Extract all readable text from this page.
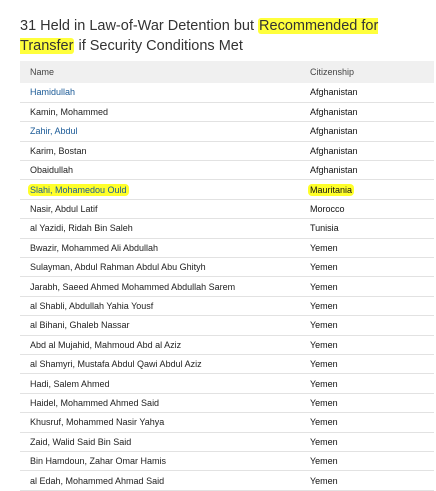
31 Held in Law-of-War Detention but Recommended for Transfer if Security Conditions Met
Name	Citizenship
Hamidullah	Afghanistan
Kamin, Mohammed	Afghanistan
Zahir, Abdul	Afghanistan
Karim, Bostan	Afghanistan
Obaidullah	Afghanistan
Slahi, Mohamedou Ould	Mauritania
Nasir, Abdul Latif	Morocco
al Yazidi, Ridah Bin Saleh	Tunisia
Bwazir, Mohammed Ali Abdullah	Yemen
Sulayman, Abdul Rahman Abdul Abu Ghityh	Yemen
Jarabh, Saeed Ahmed Mohammed Abdullah Sarem	Yemen
al Shabli, Abdullah Yahia Yousf	Yemen
al Bihani, Ghaleb Nassar	Yemen
Abd al Mujahid, Mahmoud Abd al Aziz	Yemen
al Shamyri, Mustafa Abdul Qawi Abdul Aziz	Yemen
Hadi, Salem Ahmed	Yemen
Haidel, Mohammed Ahmed Said	Yemen
Khusruf, Mohammed Nasir Yahya	Yemen
Zaid, Walid Said Bin Said	Yemen
Bin Hamdoun, Zahar Omar Hamis	Yemen
al Edah, Mohammed Ahmad Said	Yemen
